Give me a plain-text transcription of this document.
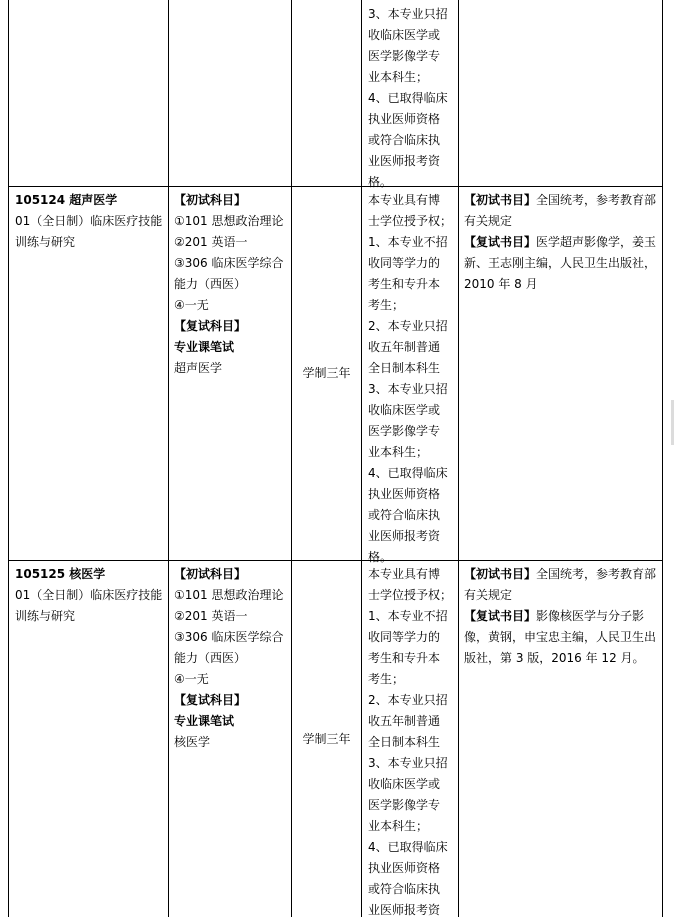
3、本专业只招
收临床医学或
医学影像学专
业本科生；
4、已取得临床
执业医师资格
或符合临床执
业医师报考资
格。
105124 超声医学
01（全日制）临床医疗技能
训练与研究
【初试科目】
①101 思想政治理论
②201 英语一
③306 临床医学综合
能力（西医）
④一无
【复试科目】
专业课笔试
超声医学	学制三年
本专业具有博
士学位授予权；
1、本专业不招
收同等学力的
考生和专升本
考生；
2、本专业只招
收五年制普通
全日制本科生
3、本专业只招
收临床医学或
医学影像学专
业本科生；
4、已取得临床
执业医师资格
或符合临床执
业医师报考资
格。
【初试书目】全国统考，参考教育部有关规定
【复试书目】医学超声影像学，姜玉新、王志刚主编，人民卫生出版社，2010 年 8 月
105125 核医学
01（全日制）临床医疗技能
训练与研究
【初试科目】
①101 思想政治理论
②201 英语一
③306 临床医学综合
能力（西医）
④一无
【复试科目】
专业课笔试
核医学	学制三年
本专业具有博
士学位授予权；
1、本专业不招
收同等学力的
考生和专升本
考生；
2、本专业只招
收五年制普通
全日制本科生
3、本专业只招
收临床医学或
医学影像学专
业本科生；
4、已取得临床
执业医师资格
或符合临床执
业医师报考资
【初试书目】全国统考，参考教育部有关规定
【复试书目】影像核医学与分子影像，黄钢，申宝忠主编，人民卫生出版社，第 3 版，2016 年 12 月。
